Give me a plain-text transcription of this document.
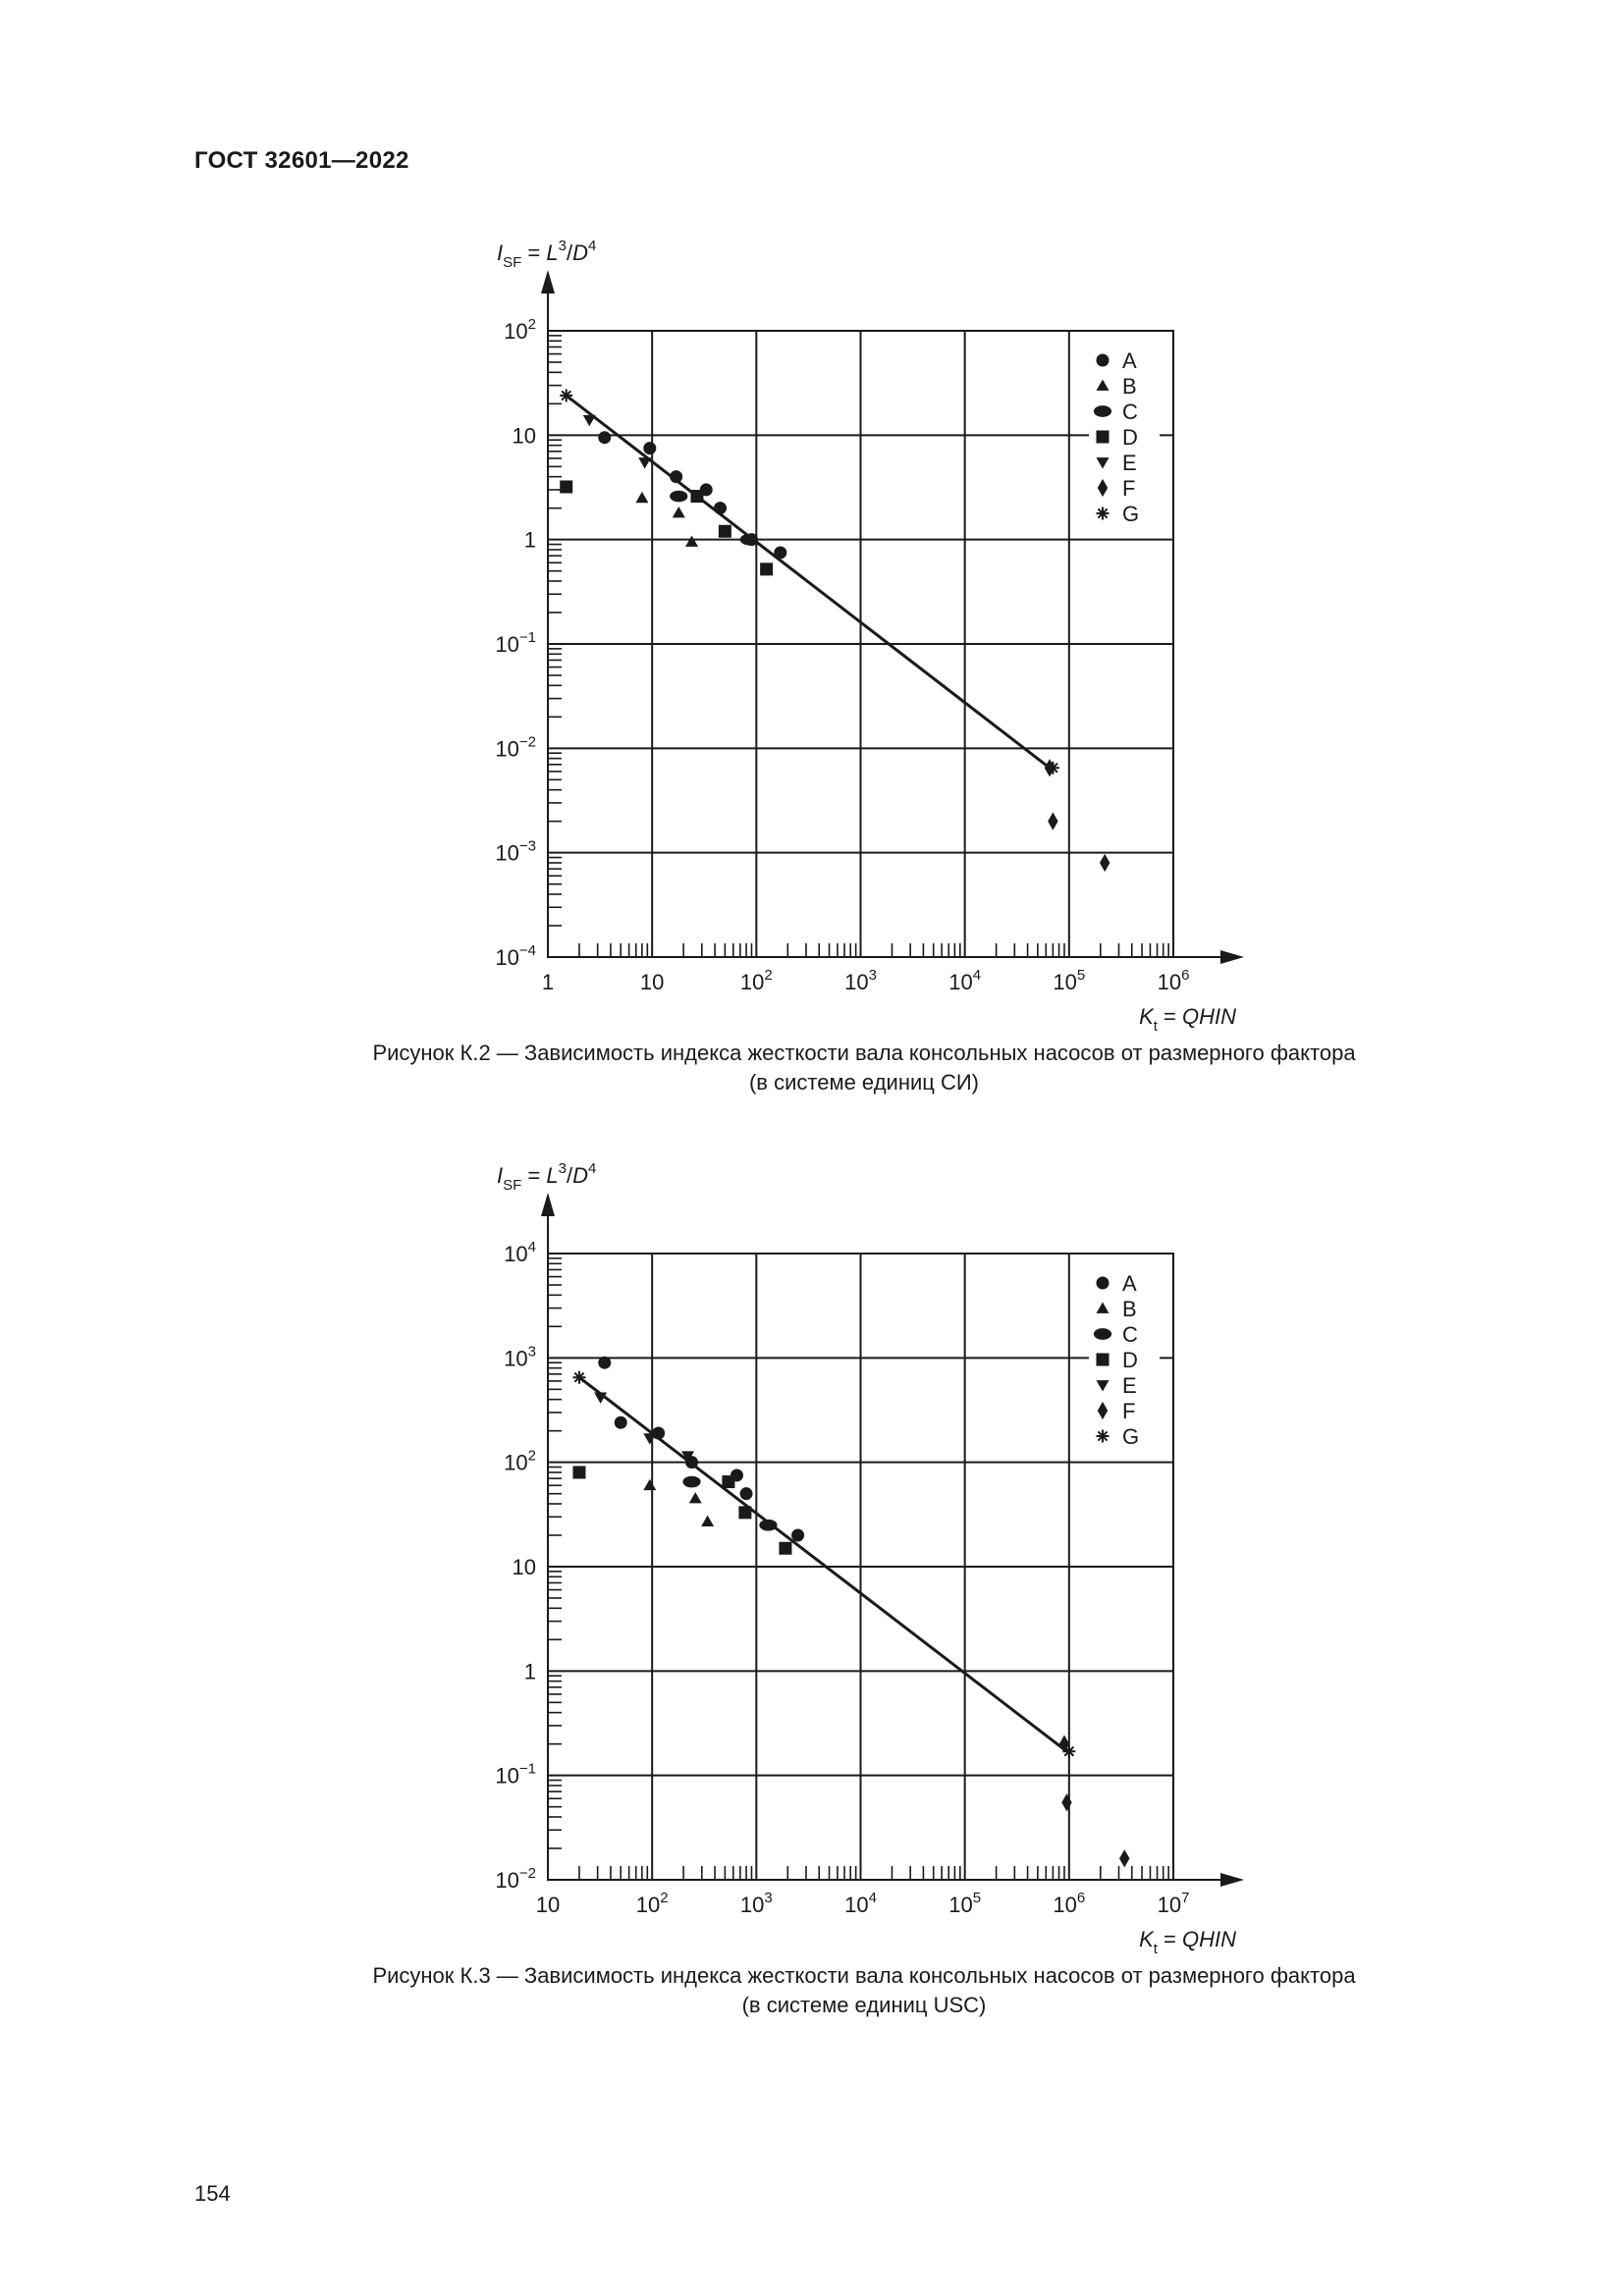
ГОСТ 32601—2022
1	10	$10^2$	$10^3$	$10^4$	$10^5$	$10^6$
$10^{-4}$
$10^{-3}$
$10^{-2}$
$10^{-1}$
1
10
$10^2$
$I_{SF} = L^3/D^4$
$K_t$ = QHIN
A
B
C
D
E
F
G
Рисунок К.2 — Зависимость индекса жесткости вала консольных насосов от размерного фактора
(в системе единиц СИ)
10	$10^2$	$10^3$	$10^4$	$10^5$	$10^6$	$10^7$
$10^{-2}$
$10^{-1}$
1
10
$10^2$
$10^3$
$10^4$
$I_{SF} = L^3/D^4$
$K_t$ = QHIN
A
B
C
D
E
F
G
Рисунок К.3 — Зависимость индекса жесткости вала консольных насосов от размерного фактора
(в системе единиц USC)
154
